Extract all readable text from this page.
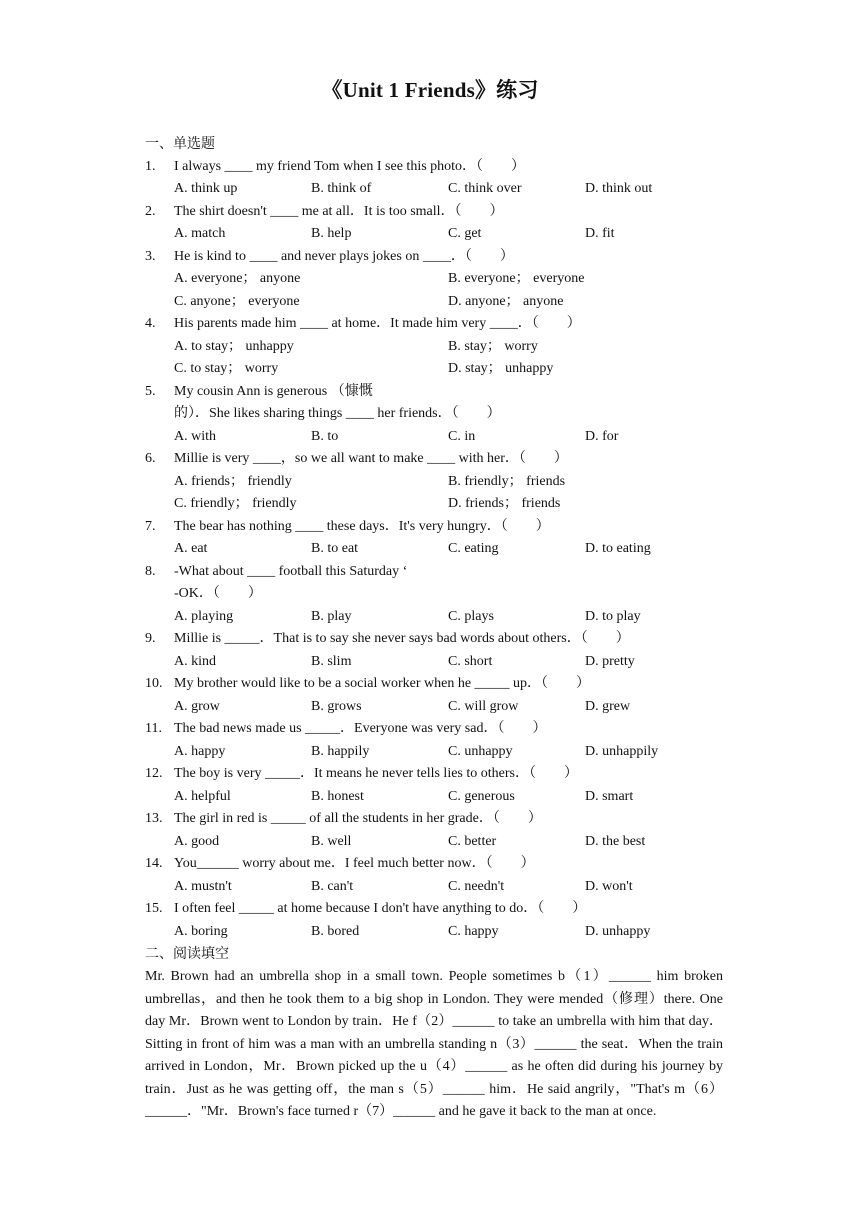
《Unit 1 Friends》练习
一、单选题
1. I always ____ my friend Tom when I see this photo．（　　）
A. think up	B. think of	C. think over	D. think out
2. The shirt doesn't ____ me at all．It is too small．（　　）
A. match	B. help	C. get	D. fit
3. He is kind to ____ and never plays jokes on ____．（　　）
A. everyone； anyone	B. everyone； everyone
C. anyone； everyone	D. anyone； anyone
4. His parents made him ____ at home．It made him very ____．（　　）
A. to stay； unhappy	B. stay； worry
C. to stay； worry	D. stay； unhappy
5. My cousin Ann is generous （慷慨
的）．She likes sharing things ____ her friends．（　　）
A. with	B. to	C. in	D. for
6. Millie is very ____，so we all want to make ____ with her．（　　）
A. friends； friendly	B. friendly； friends
C. friendly； friendly	D. friends； friends
7. The bear has nothing ____ these days．It's very hungry．（　　）
A. eat	B. to eat	C. eating	D. to eating
8. -What about ____ football this Saturday ‘
-OK．（　　）
A. playing	B. play	C. plays	D. to play
9. Millie is _____．That is to say she never says bad words about others．（　　）
A. kind	B. slim	C. short	D. pretty
10. My brother would like to be a social worker when he _____ up．（　　）
A. grow	B. grows	C. will grow	D. grew
11. The bad news made us _____．Everyone was very sad．（　　）
A. happy	B. happily	C. unhappy	D. unhappily
12. The boy is very _____．It means he never tells lies to others．（　　）
A. helpful	B. honest	C. generous	D. smart
13. The girl in red is _____ of all the students in her grade．（　　）
A. good	B. well	C. better	D. the best
14. You______ worry about me．I feel much better now．（　　）
A. mustn't	B. can't	C. needn't	D. won't
15. I often feel _____ at home because I don't have anything to do．（　　）
A. boring	B. bored	C. happy	D. unhappy
二、阅读填空
Mr. Brown had an umbrella shop in a small town. People sometimes b（1）______ him broken umbrellas，and then he took them to a big shop in London. They were mended（修理）there. One day Mr．Brown went to London by train．He f（2）______ to take an umbrella with him that day． Sitting in front of him was a man with an umbrella standing n（3）______ the seat．When the train arrived in London，Mr．Brown picked up the u（4）______ as he often did during his journey by train．Just as he was getting off，the man s（5）______ him．He said angrily，"That's m（6）______．"Mr．Brown's face turned r（7）______ and he gave it back to the man at once.
